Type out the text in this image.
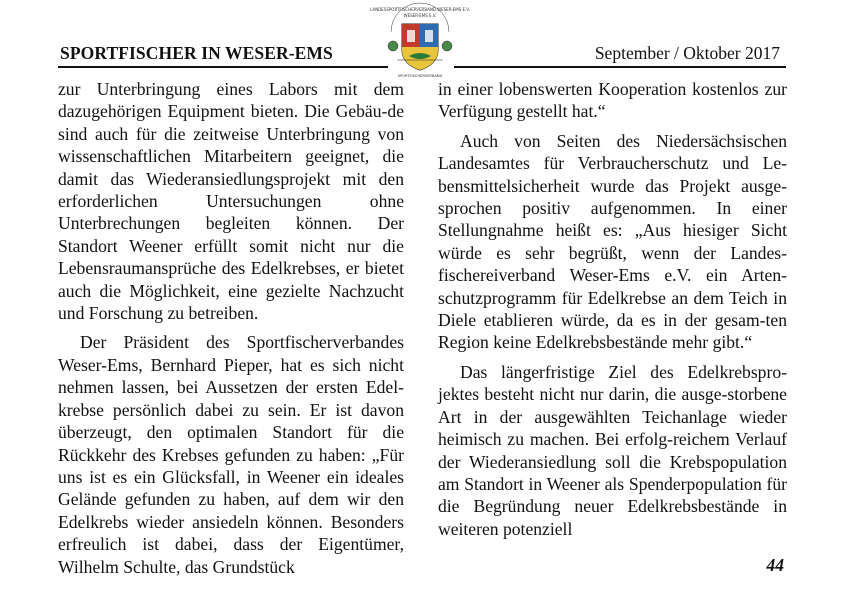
SPORTFISCHER IN WESER-EMS
LANDESSPORTFISCHERVERBAND WESER-EMS E.V.
WESER-EMS E.V.
SPORTFISCHERVERBAND
September / Oktober 2017

zur Unterbringung eines Labors mit dem dazugehörigen Equipment bieten. Die Gebäu-de sind auch für die zeitweise Unterbringung von wissenschaftlichen Mitarbeitern geeignet, die damit das Wiederansiedlungsprojekt mit den erforderlichen Untersuchungen ohne Unterbrechungen begleiten können. Der Standort Weener erfüllt somit nicht nur die Lebensraumansprüche des Edelkrebses, er bietet auch die Möglichkeit, eine gezielte Nachzucht und Forschung zu betreiben.

Der Präsident des Sportfischerverbandes Weser-Ems, Bernhard Pieper, hat es sich nicht nehmen lassen, bei Aussetzen der ersten Edel-krebse persönlich dabei zu sein. Er ist davon überzeugt, den optimalen Standort für die Rückkehr des Krebses gefunden zu haben: „Für uns ist es ein Glücksfall, in Weener ein ideales Gelände gefunden zu haben, auf dem wir den Edelkrebs wieder ansiedeln können. Besonders erfreulich ist dabei, dass der Eigentümer, Wilhelm Schulte, das Grundstück

in einer lobenswerten Kooperation kostenlos zur Verfügung gestellt hat.“

Auch von Seiten des Niedersächsischen Landesamtes für Verbraucherschutz und Le-bensmittelsicherheit wurde das Projekt ausge-sprochen positiv aufgenommen. In einer Stellungnahme heißt es: „Aus hiesiger Sicht würde es sehr begrüßt, wenn der Landes-fischereiverband Weser-Ems e.V. ein Arten-schutzprogramm für Edelkrebse an dem Teich in Diele etablieren würde, da es in der gesam-ten Region keine Edelkrebsbestände mehr gibt.“

Das längerfristige Ziel des Edelkrebspro-jektes besteht nicht nur darin, die ausge-storbene Art in der ausgewählten Teichanlage wieder heimisch zu machen. Bei erfolg-reichem Verlauf der Wiederansiedlung soll die Krebspopulation am Standort in Weener als Spenderpopulation für die Begründung neuer Edelkrebsbestände in weiteren potenziell

44
